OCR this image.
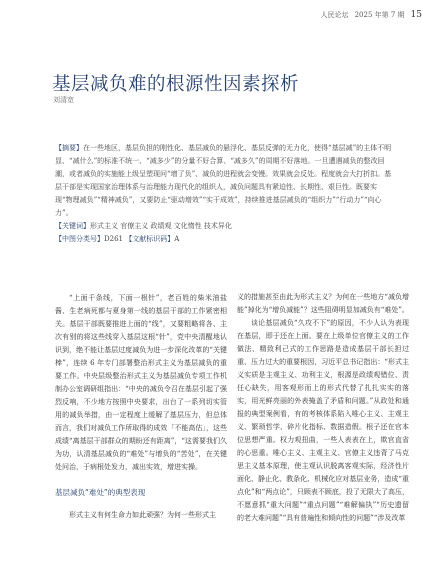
人民论坛 2025 年第 7 期 15
基层减负难的根源性因素探析
刘清宽

【摘要】在一些地区，基层负担的刚性化、基层减负的悬浮化、基层反弹的无力化，使得“基层减”的主体不明显、“减什么”的标准不统一、“减多少”的分量不好合算、“减多久”的周期不好落地。一旦遭遇减负的整改回潮，或者减负的实施能上级呈塑现问“增了负”、减负的进程就会变慢。效果就会反处。程度就会大打折扣。基层干部是实现国家治理体系与治理能力现代化的组织人，减负问题具有紧迫性、长期性、艰巨性。既要实现“物理减负”“精神减负”，又要防止“驱动增效”“实干成效”，持续推进基层减负的“组织力”“行动力”“向心力”。

【关键词】形式主义 官僚主义 政绩观 文化惰性 技术异化

【中图分类号】D261 【文献标识码】A

“上面千条线，下面一根针”，老百姓的柴米油盐酱、生老病死都与夏身第一线的基层干部的工作紧密相关。基层干部既要推进上面的“线”，又要粗略将各、主次有别的将这些线穿入基层这根“针”，党中央清醒地认识到，绝不能让基层过度减负为进一步深化改革的“关键棒”，连续 6 年专门部署整治形式主义为基层减负的重要工作。中央层级整治形式主义为基层减负专项工作机制办公室调研组指出：“中央的减负令召在基层引起了强烈反响，不少地方按照中央要求，出台了一系列切实管用的减负举措，由一定程度上缓解了基层压力，但总体而言，我们对减负工作所取得的成效「不能高估」，这些成绩“离基层干部群众的期盼还有距离”，“这需要我们久为功，认清基层减负的“难处”与增负的“苦处”，在关键处问治，于病根处发力，减出实效，增进实操。

基层减负“难处”的典型表现

形式主义有何生命力如此顽强？为何一些形式主

义的措施甚至由此为形式主义？为何在一些地方“减负增能”掉化为“增负减能”？这些阻碍明显加减负有“难处”。

谈论基层减负“久攻不下”的原因，不少人认为表现在基层，即于还在上面。要在上级单位官僚主义的工作做法、精致利己式的工作思路是造成基层干部长担过重、压力过大的重要根因，习近平总书记指出：“形式主义实质是主观主义、功利主义，根源是政绩观错位、责任心缺失，用客观形而上的形式代替了扎扎实实的落实，用光鲜亮丽的外表掩盖了矛盾和问题。”从政处和通报的典型案例看，有的考核体系陷入唯心主义、主观主义、繁琐哲学、碎片化指标、数据造假。根子还在官本位思想严重。权力观扭曲，一些人表表在上，欺官直省的心思重。唯心主义、主观主义、官僚主义违背了马克思主义基本原理，使主观认识脱离客观实际，经济性片面化、静止化、教条化、机械化应对基层业务，造成“重点化”和“两点论”，只顾表不顾底，投了无限大了高压，不愿意抓“重大问题”“重点问题”“难解偏执”“历史遗留的老大难问题”“具有普遍性和倾向性的问题”“涉及改革
